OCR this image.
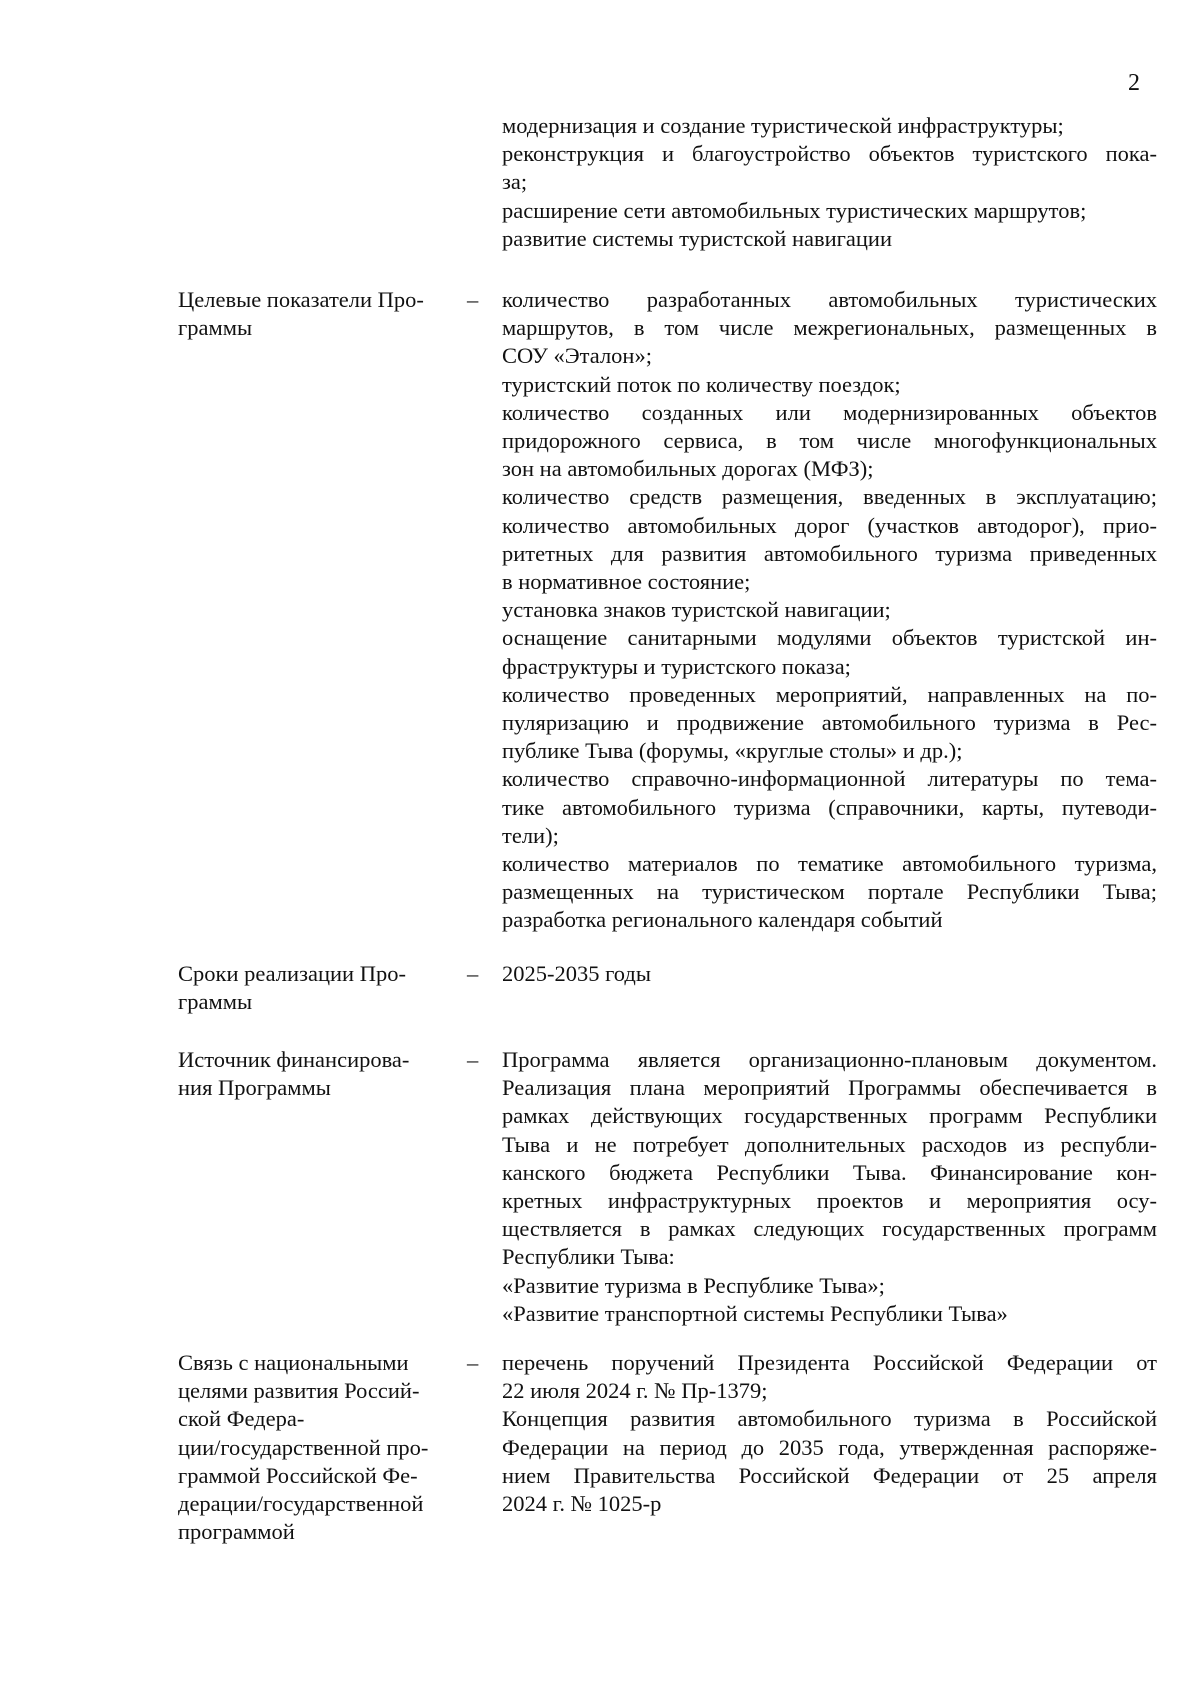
2
модернизация и создание туристической инфраструктуры;
реконструкция и благоустройство объектов туристского пока-
за;
расширение сети автомобильных туристических маршрутов;
развитие системы туристской навигации
Целевые показатели Про-
граммы
– количество разработанных автомобильных туристических
маршрутов, в том числе межрегиональных, размещенных в
СОУ «Эталон»;
туристский поток по количеству поездок;
количество созданных или модернизированных объектов
придорожного сервиса, в том числе многофункциональных
зон на автомобильных дорогах (МФЗ);
количество средств размещения, введенных в эксплуатацию;
количество автомобильных дорог (участков автодорог), прио-
ритетных для развития автомобильного туризма приведенных
в нормативное состояние;
установка знаков туристской навигации;
оснащение санитарными модулями объектов туристской ин-
фраструктуры и туристского показа;
количество проведенных мероприятий, направленных на по-
пуляризацию и продвижение автомобильного туризма в Рес-
публике Тыва (форумы, «круглые столы» и др.);
количество справочно-информационной литературы по тема-
тике автомобильного туризма (справочники, карты, путеводи-
тели);
количество материалов по тематике автомобильного туризма,
размещенных на туристическом портале Республики Тыва;
разработка регионального календаря событий
Сроки реализации Про-
граммы
– 2025-2035 годы
Источник финансирова-
ния Программы
– Программа является организационно-плановым документом.
Реализация плана мероприятий Программы обеспечивается в
рамках действующих государственных программ Республики
Тыва и не потребует дополнительных расходов из республи-
канского бюджета Республики Тыва. Финансирование кон-
кретных инфраструктурных проектов и мероприятия осу-
ществляется в рамках следующих государственных программ
Республики Тыва:
«Развитие туризма в Республике Тыва»;
«Развитие транспортной системы Республики Тыва»
Связь с национальными
целями развития Россий-
ской Федера-
ции/государственной про-
граммой Российской Фе-
дерации/государственной
программой
– перечень поручений Президента Российской Федерации от
22 июля 2024 г. № Пр-1379;
Концепция развития автомобильного туризма в Российской
Федерации на период до 2035 года, утвержденная распоряже-
нием Правительства Российской Федерации от 25 апреля
2024 г. № 1025-р
